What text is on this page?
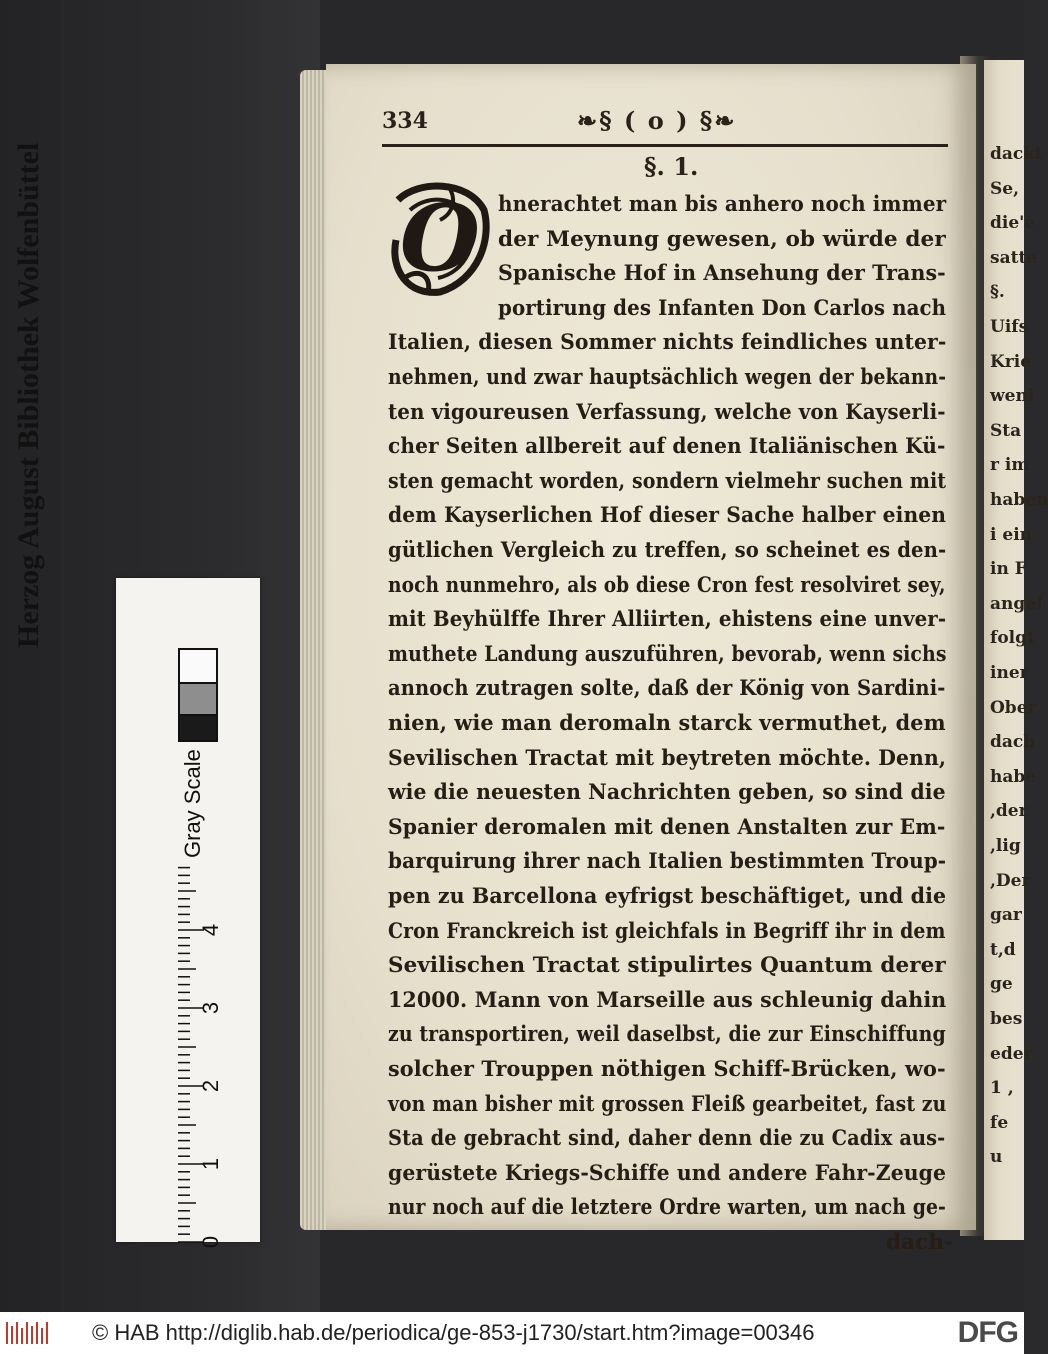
dackt
Se,
die'e
satte
§.
Uifs
Krie
weni
Sta
r im
haben
i ein
in F
angel
folgt
iner
Ober
dach
habe
,der
,lig
,Der
gar
t,d
ge
bes
eder
1 ,
fe
u
334	❧§ ( o ) §❧
§. 1.
O hnerachtet man bis anhero noch immer
der Meynung gewesen, ob würde der
Spanische Hof in Ansehung der Trans-
portirung des Infanten Don Carlos nach
Italien, diesen Sommer nichts feindliches unter-
nehmen, und zwar hauptsächlich wegen der bekann-
ten vigoureusen Verfassung, welche von Kayserli-
cher Seiten allbereit auf denen Italiänischen Kü-
sten gemacht worden, sondern vielmehr suchen mit
dem Kayserlichen Hof dieser Sache halber einen
gütlichen Vergleich zu treffen, so scheinet es den-
noch nunmehro, als ob diese Cron fest resolviret sey,
mit Beyhülffe Ihrer Alliirten, ehistens eine unver-
muthete Landung auszuführen, bevorab, wenn sichs
annoch zutragen solte, daß der König von Sardini-
nien, wie man deromaln starck vermuthet, dem
Sevilischen Tractat mit beytreten möchte. Denn,
wie die neuesten Nachrichten geben, so sind die
Spanier deromalen mit denen Anstalten zur Em-
barquirung ihrer nach Italien bestimmten Troup-
pen zu Barcellona eyfrigst beschäftiget, und die
Cron Franckreich ist gleichfals in Begriff ihr in dem
Sevilischen Tractat stipulirtes Quantum derer
12000. Mann von Marseille aus schleunig dahin
zu transportiren, weil daselbst, die zur Einschiffung
solcher Trouppen nöthigen Schiff-Brücken, wo-
von man bisher mit grossen Fleiß gearbeitet, fast zu
Sta de gebracht sind, daher denn die zu Cadix aus-
gerüstete Kriegs-Schiffe und andere Fahr-Zeuge
nur noch auf die letztere Ordre warten, um nach ge-
dach-
Herzog August Bibliothek Wolfenbüttel
Gray Scale
0
1
2
3
4
© HAB http://diglib.hab.de/periodica/ge-853-j1730/start.htm?image=00346	DFG
